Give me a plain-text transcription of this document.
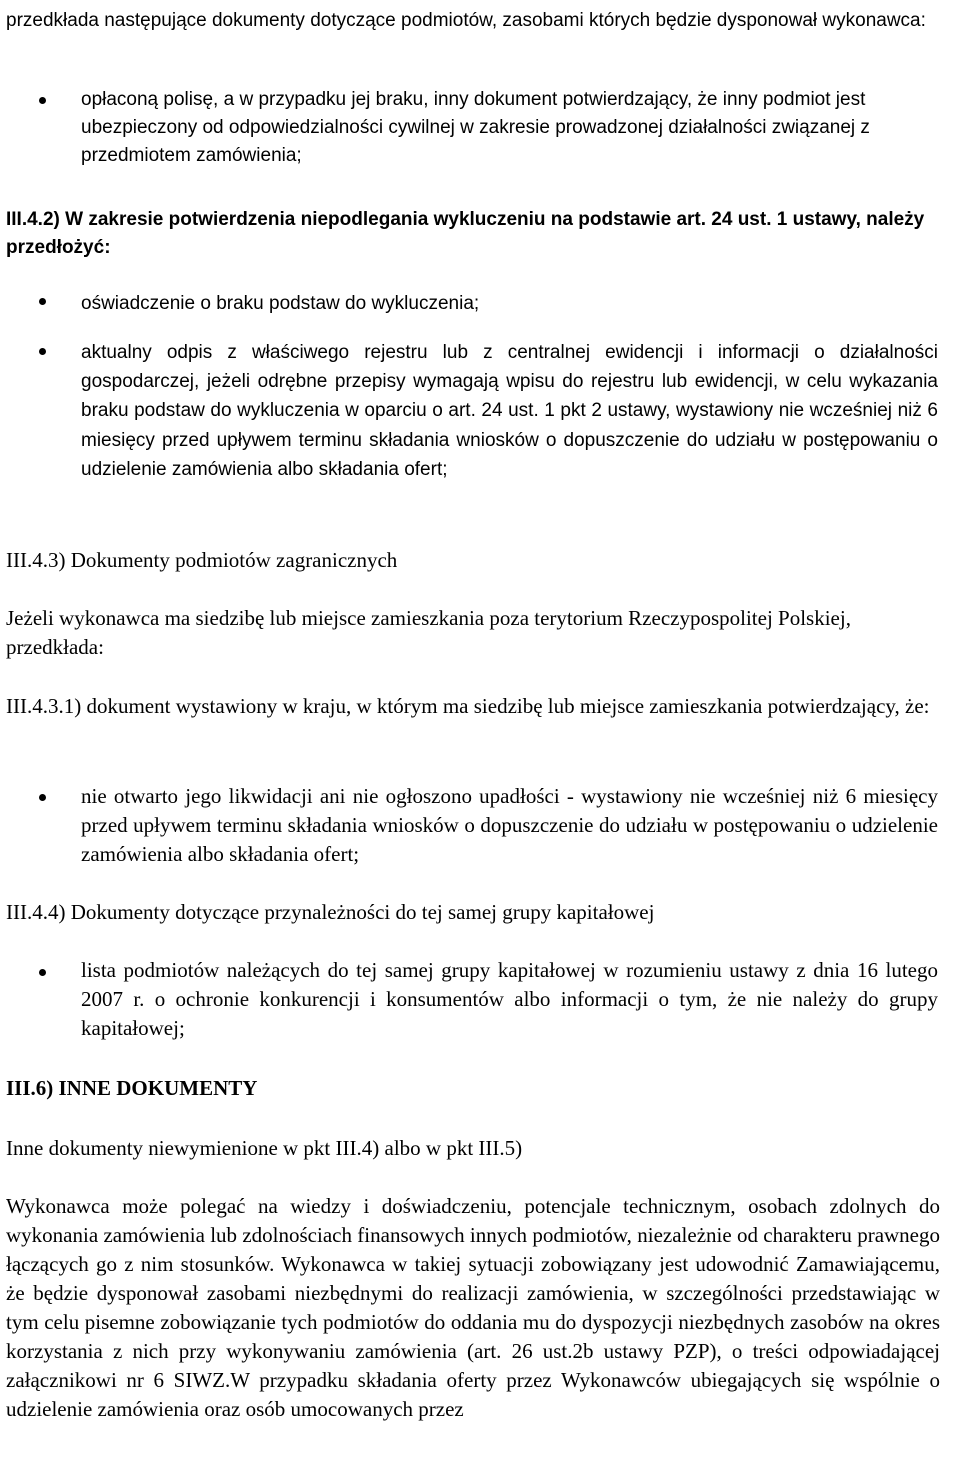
przedkłada następujące dokumenty dotyczące podmiotów, zasobami których będzie dysponował wykonawca:
opłaconą polisę, a w przypadku jej braku, inny dokument potwierdzający, że inny podmiot jest ubezpieczony od odpowiedzialności cywilnej w zakresie prowadzonej działalności związanej z przedmiotem zamówienia;
III.4.2) W zakresie potwierdzenia niepodlegania wykluczeniu na podstawie art. 24 ust. 1 ustawy, należy przedłożyć:
oświadczenie o braku podstaw do wykluczenia;
aktualny odpis z właściwego rejestru lub z centralnej ewidencji i informacji o działalności gospodarczej, jeżeli odrębne przepisy wymagają wpisu do rejestru lub ewidencji, w celu wykazania braku podstaw do wykluczenia w oparciu o art. 24 ust. 1 pkt 2 ustawy, wystawiony nie wcześniej niż 6 miesięcy przed upływem terminu składania wniosków o dopuszczenie do udziału w postępowaniu o udzielenie zamówienia albo składania ofert;
III.4.3) Dokumenty podmiotów zagranicznych
Jeżeli wykonawca ma siedzibę lub miejsce zamieszkania poza terytorium Rzeczypospolitej Polskiej, przedkłada:
III.4.3.1) dokument wystawiony w kraju, w którym ma siedzibę lub miejsce zamieszkania potwierdzający, że:
nie otwarto jego likwidacji ani nie ogłoszono upadłości - wystawiony nie wcześniej niż 6 miesięcy przed upływem terminu składania wniosków o dopuszczenie do udziału w postępowaniu o udzielenie zamówienia albo składania ofert;
III.4.4) Dokumenty dotyczące przynależności do tej samej grupy kapitałowej
lista podmiotów należących do tej samej grupy kapitałowej w rozumieniu ustawy z dnia 16 lutego 2007 r. o ochronie konkurencji i konsumentów albo informacji o tym, że nie należy do grupy kapitałowej;
III.6) INNE DOKUMENTY
Inne dokumenty niewymienione w pkt III.4) albo w pkt III.5)
Wykonawca może polegać na wiedzy i doświadczeniu, potencjale technicznym, osobach zdolnych do wykonania zamówienia lub zdolnościach finansowych innych podmiotów, niezależnie od charakteru prawnego łączących go z nim stosunków. Wykonawca w takiej sytuacji zobowiązany jest udowodnić Zamawiającemu, że będzie dysponował zasobami niezbędnymi do realizacji zamówienia, w szczególności przedstawiając w tym celu pisemne zobowiązanie tych podmiotów do oddania mu do dyspozycji niezbędnych zasobów na okres korzystania z nich przy wykonywaniu zamówienia (art. 26 ust.2b ustawy PZP), o treści odpowiadającej załącznikowi nr 6 SIWZ.W przypadku składania oferty przez Wykonawców ubiegających się wspólnie o udzielenie zamówienia oraz osób umocowanych przez
